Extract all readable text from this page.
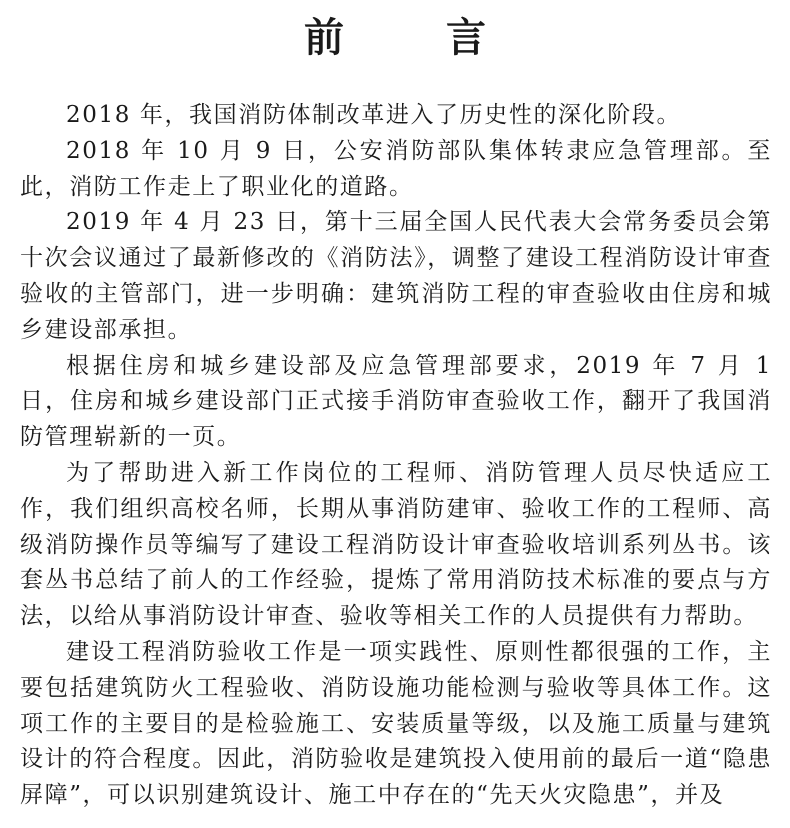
前 言

2018 年，我国消防体制改革进入了历史性的深化阶段。

2018 年 10 月 9 日，公安消防部队集体转隶应急管理部。至此，消防工作走上了职业化的道路。

2019 年 4 月 23 日，第十三届全国人民代表大会常务委员会第十次会议通过了最新修改的《消防法》，调整了建设工程消防设计审查验收的主管部门，进一步明确：建筑消防工程的审查验收由住房和城乡建设部承担。

根据住房和城乡建设部及应急管理部要求，2019 年 7 月 1 日，住房和城乡建设部门正式接手消防审查验收工作，翻开了我国消防管理崭新的一页。

为了帮助进入新工作岗位的工程师、消防管理人员尽快适应工作，我们组织高校名师，长期从事消防建审、验收工作的工程师、高级消防操作员等编写了建设工程消防设计审查验收培训系列丛书。该套丛书总结了前人的工作经验，提炼了常用消防技术标准的要点与方法，以给从事消防设计审查、验收等相关工作的人员提供有力帮助。

建设工程消防验收工作是一项实践性、原则性都很强的工作，主要包括建筑防火工程验收、消防设施功能检测与验收等具体工作。这项工作的主要目的是检验施工、安装质量等级，以及施工质量与建筑设计的符合程度。因此，消防验收是建筑投入使用前的最后一道“隐患屏障”，可以识别建筑设计、施工中存在的“先天火灾隐患”，并及
